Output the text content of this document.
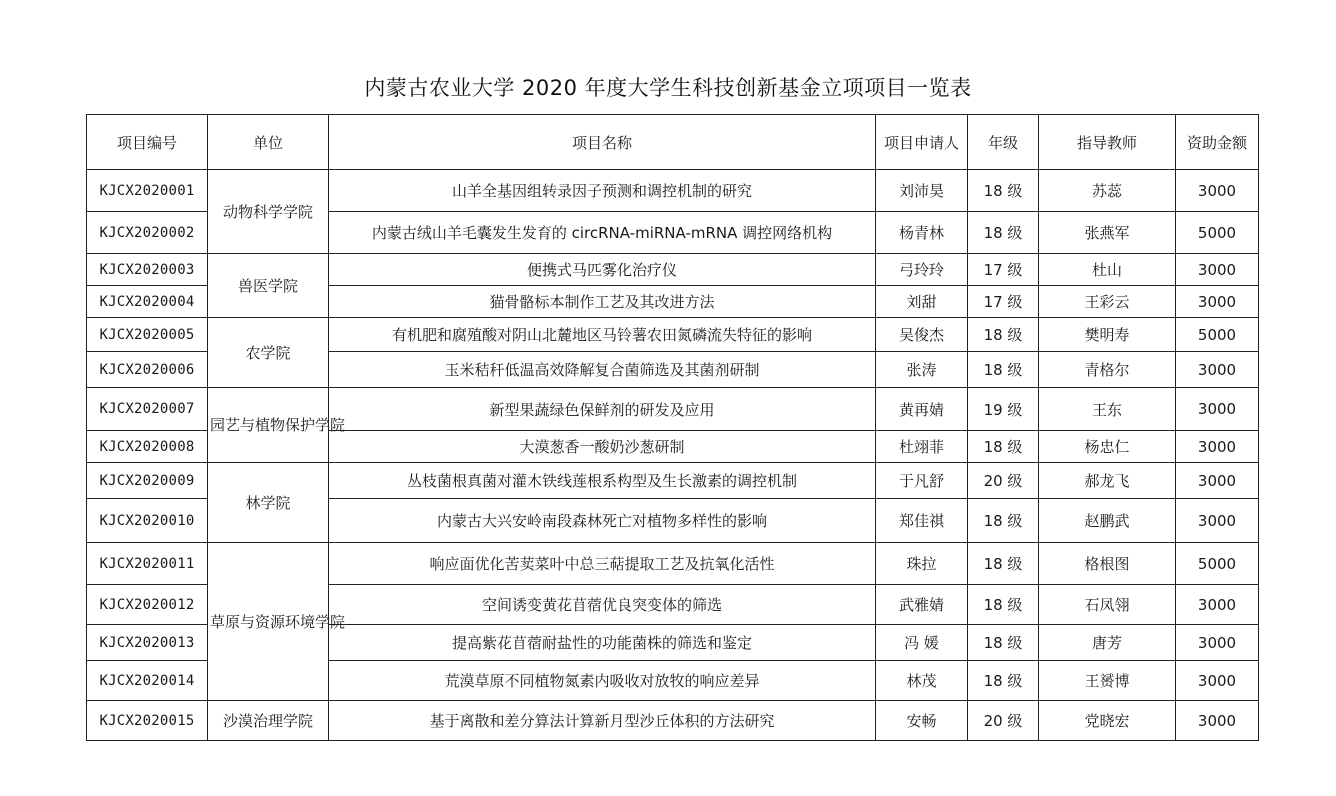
内蒙古农业大学 2020 年度大学生科技创新基金立项项目一览表
项目编号	单位	项目名称	项目申请人	年级	指导教师	资助金额
KJCX2020001	动物科学学院	山羊全基因组转录因子预测和调控机制的研究	刘沛昊	18 级	苏蕊	3000
KJCX2020002		内蒙古绒山羊毛囊发生发育的 circRNA-miRNA-mRNA 调控网络机构	杨青林	18 级	张燕军	5000
KJCX2020003	兽医学院	便携式马匹雾化治疗仪	弓玲玲	17 级	杜山	3000
KJCX2020004		猫骨骼标本制作工艺及其改进方法	刘甜	17 级	王彩云	3000
KJCX2020005	农学院	有机肥和腐殖酸对阴山北麓地区马铃薯农田氮磷流失特征的影响	吴俊杰	18 级	樊明寿	5000
KJCX2020006		玉米秸秆低温高效降解复合菌筛选及其菌剂研制	张涛	18 级	青格尔	3000
KJCX2020007	园艺与植物保护学院	新型果蔬绿色保鲜剂的研发及应用	黄再婧	19 级	王东	3000
KJCX2020008		大漠葱香一酸奶沙葱研制	杜翊菲	18 级	杨忠仁	3000
KJCX2020009	林学院	丛枝菌根真菌对灌木铁线莲根系构型及生长激素的调控机制	于凡舒	20 级	郝龙飞	3000
KJCX2020010		内蒙古大兴安岭南段森林死亡对植物多样性的影响	郑佳祺	18 级	赵鹏武	3000
KJCX2020011	草原与资源环境学院	响应面优化苦荬菜叶中总三萜提取工艺及抗氧化活性	珠拉	18 级	格根图	5000
KJCX2020012		空间诱变黄花苜蓿优良突变体的筛选	武雅婧	18 级	石凤翎	3000
KJCX2020013		提高紫花苜蓿耐盐性的功能菌株的筛选和鉴定	冯 媛	18 级	唐芳	3000
KJCX2020014		荒漠草原不同植物氮素内吸收对放牧的响应差异	林茂	18 级	王赟博	3000
KJCX2020015	沙漠治理学院	基于离散和差分算法计算新月型沙丘体积的方法研究	安畅	20 级	党晓宏	3000
